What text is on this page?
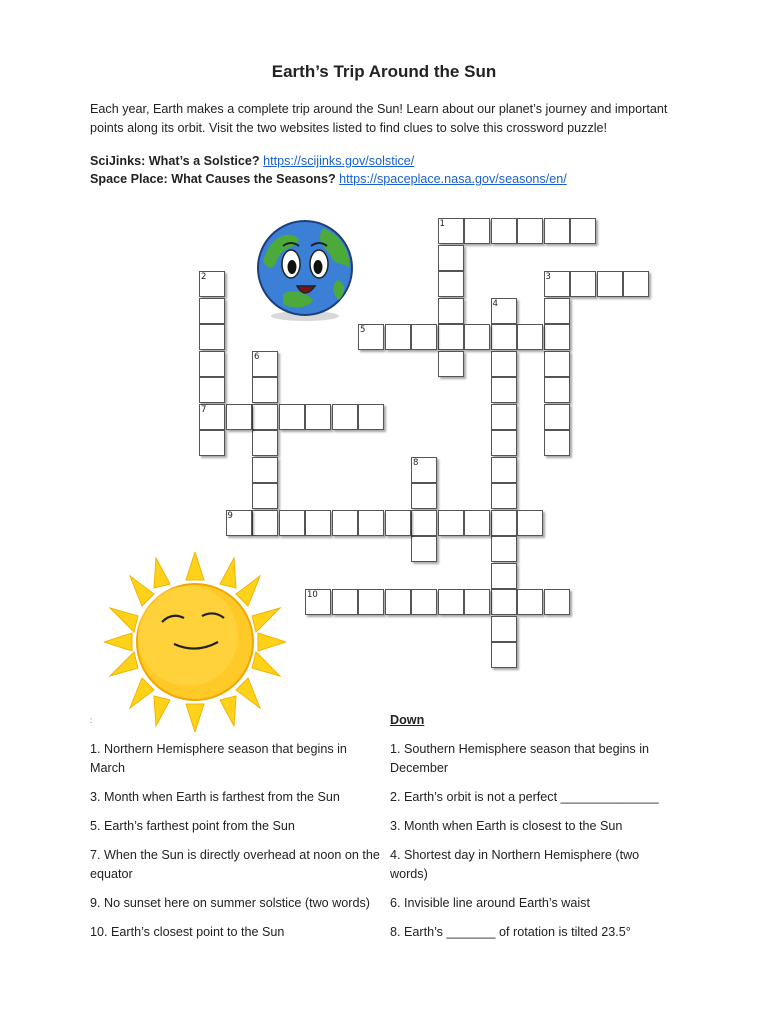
Earth’s Trip Around the Sun
Each year, Earth makes a complete trip around the Sun! Learn about our planet’s journey and important points along its orbit. Visit the two websites listed to find clues to solve this crossword puzzle!
SciJinks: What’s a Solstice? https://scijinks.gov/solstice/
Space Place: What Causes the Seasons? https://spaceplace.nasa.gov/seasons/en/
1
2	3
4
5
6
7
8
9
10
:	Down
1. Northern Hemisphere season that begins in March
3. Month when Earth is farthest from the Sun
5. Earth’s farthest point from the Sun
7. When the Sun is directly overhead at noon on the equator
9. No sunset here on summer solstice (two words)
10. Earth’s closest point to the Sun
1. Southern Hemisphere season that begins in December
2. Earth’s orbit is not a perfect ______________
3. Month when Earth is closest to the Sun
4. Shortest day in Northern Hemisphere (two words)
6. Invisible line around Earth’s waist
8. Earth’s _______ of rotation is tilted 23.5°
